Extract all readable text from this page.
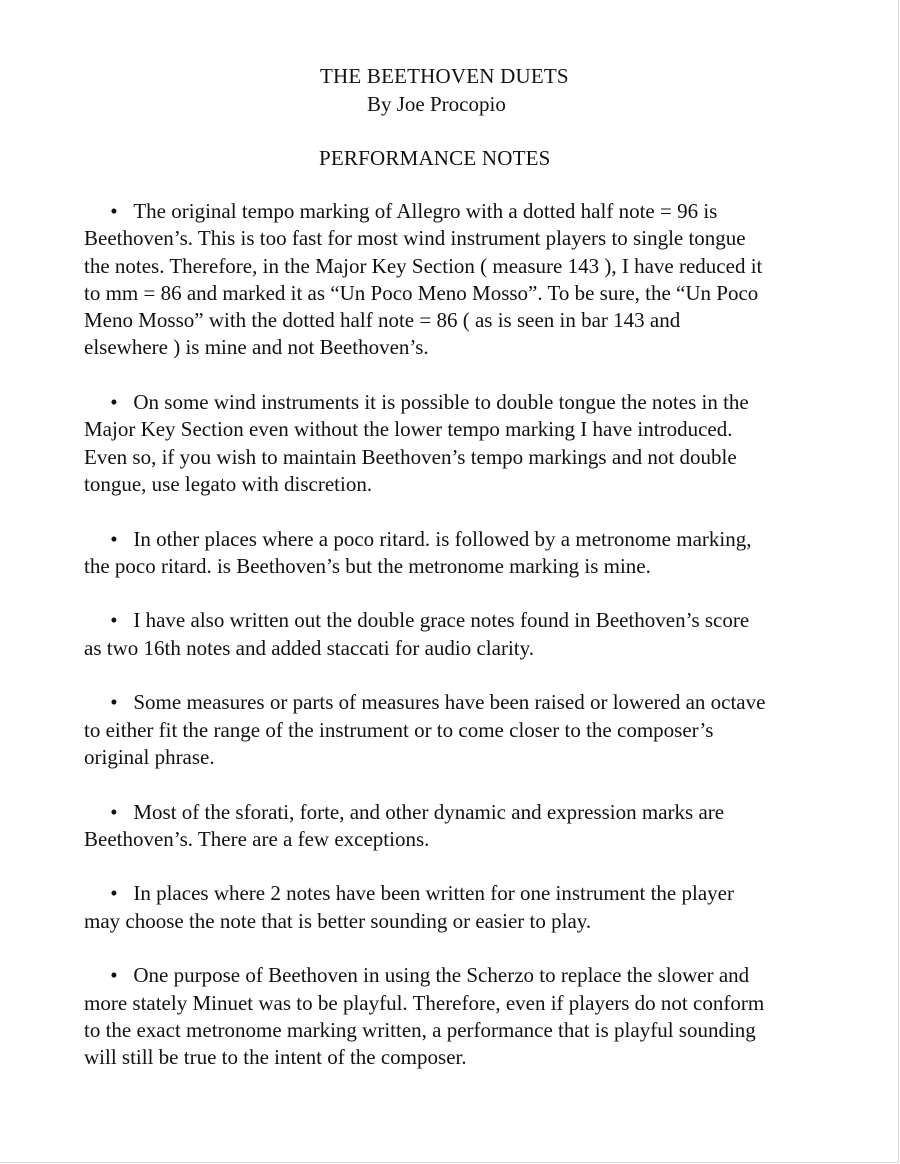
THE BEETHOVEN DUETS
By Joe Procopio
PERFORMANCE NOTES
• The original tempo marking of Allegro with a dotted half note = 96 is
Beethoven’s. This is too fast for most wind instrument players to single tongue
the notes. Therefore, in the Major Key Section ( measure 143 ), I have reduced it
to mm = 86 and marked it as “Un Poco Meno Mosso”. To be sure, the “Un Poco
Meno Mosso” with the dotted half note = 86 ( as is seen in bar 143 and
elsewhere ) is mine and not Beethoven’s.
• On some wind instruments it is possible to double tongue the notes in the
Major Key Section even without the lower tempo marking I have introduced.
Even so, if you wish to maintain Beethoven’s tempo markings and not double
tongue, use legato with discretion.
• In other places where a poco ritard. is followed by a metronome marking,
the poco ritard. is Beethoven’s but the metronome marking is mine.
• I have also written out the double grace notes found in Beethoven’s score
as two 16th notes and added staccati for audio clarity.
• Some measures or parts of measures have been raised or lowered an octave
to either fit the range of the instrument or to come closer to the composer’s
original phrase.
• Most of the sforati, forte, and other dynamic and expression marks are
Beethoven’s. There are a few exceptions.
• In places where 2 notes have been written for one instrument the player
may choose the note that is better sounding or easier to play.
• One purpose of Beethoven in using the Scherzo to replace the slower and
more stately Minuet was to be playful. Therefore, even if players do not conform
to the exact metronome marking written, a performance that is playful sounding
will still be true to the intent of the composer.
